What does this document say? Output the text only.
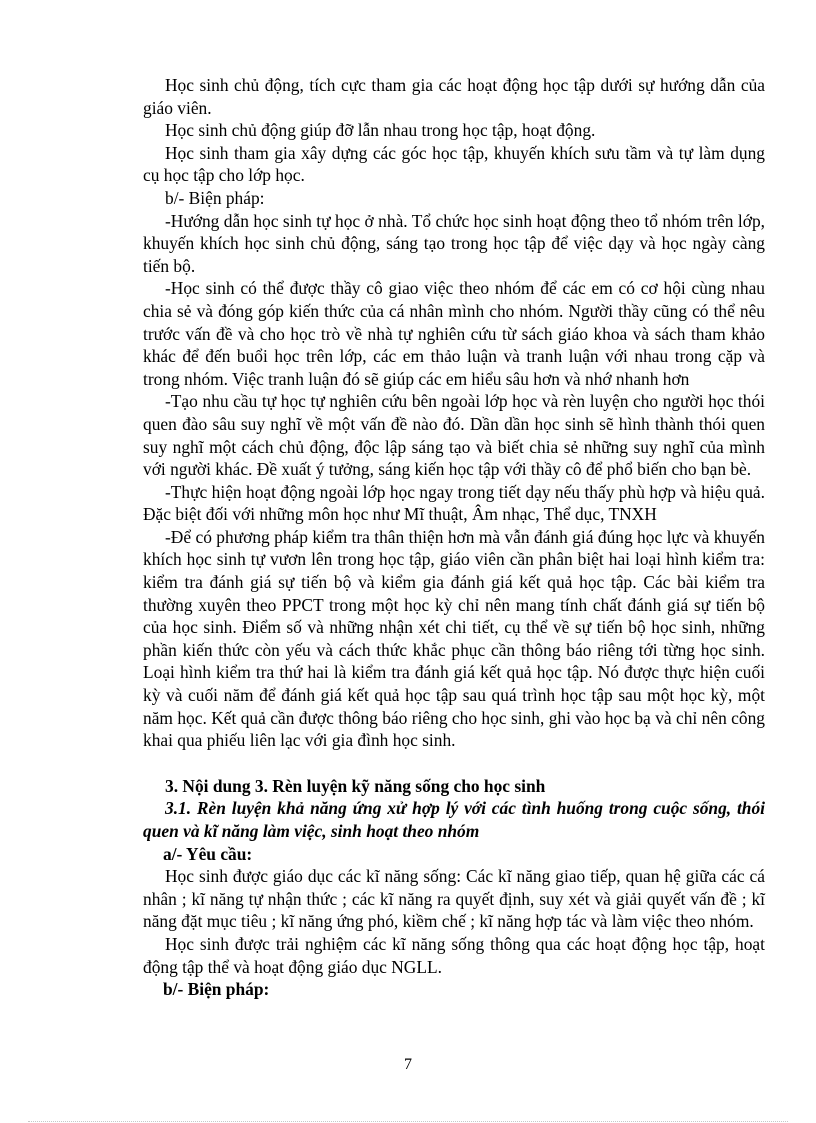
Học sinh chủ động, tích cực tham gia các hoạt động học tập dưới sự hướng dẫn của giáo viên.

Học sinh chủ động giúp đỡ lẫn nhau trong học tập, hoạt động.

Học sinh tham gia xây dựng các góc học tập, khuyến khích sưu tầm và tự làm dụng cụ học tập cho lớp học.

b/- Biện pháp:

-Hướng dẫn học sinh tự học ở nhà. Tổ chức học sinh hoạt động theo tổ nhóm trên lớp, khuyến khích học sinh chủ động, sáng tạo trong học tập để việc dạy và học ngày càng tiến bộ.

-Học sinh có thể được thầy cô giao việc theo nhóm để các em có cơ hội cùng nhau chia sẻ và đóng góp kiến thức của cá nhân mình cho nhóm. Người thầy cũng có thể nêu trước vấn đề và cho học trò về nhà tự nghiên cứu từ sách giáo khoa và sách tham khảo khác để đến buổi học trên lớp, các em thảo luận và tranh luận với nhau trong cặp và trong nhóm. Việc tranh luận đó sẽ giúp các em hiểu sâu hơn và nhớ nhanh hơn

-Tạo nhu cầu tự học tự nghiên cứu bên ngoài lớp học và rèn luyện cho người học thói quen đào sâu suy nghĩ về một vấn đề nào đó. Dần dần học sinh sẽ hình thành thói quen suy nghĩ một cách chủ động, độc lập sáng tạo và biết chia sẻ những suy nghĩ của mình với người khác. Đề xuất ý tưởng, sáng kiến học tập với thầy cô để phổ biến cho bạn bè.

-Thực hiện hoạt động ngoài lớp học ngay trong tiết dạy nếu thấy phù hợp và hiệu quả. Đặc biệt đối với những môn học như Mĩ thuật, Âm nhạc, Thể dục, TNXH

-Để có phương pháp kiểm tra thân thiện hơn mà vẫn đánh giá đúng học lực và khuyến khích học sinh tự vươn lên trong học tập, giáo viên cần phân biệt hai loại hình kiểm tra: kiểm tra đánh giá sự tiến bộ và kiểm gia đánh giá kết quả học tập. Các bài kiểm tra thường xuyên theo PPCT trong một học kỳ chỉ nên mang tính chất đánh giá sự tiến bộ của học sinh. Điểm số và những nhận xét chi tiết, cụ thể về sự tiến bộ học sinh, những phần kiến thức còn yếu và cách thức khắc phục cần thông báo riêng tới từng học sinh. Loại hình kiểm tra thứ hai là kiểm tra đánh giá kết quả học tập. Nó được thực hiện cuối kỳ và cuối năm để đánh giá kết quả học tập sau quá trình học tập sau một học kỳ, một năm học. Kết quả cần được thông báo riêng cho học sinh, ghi vào học bạ và chỉ nên công khai qua phiếu liên lạc với gia đình học sinh.

3. Nội dung 3. Rèn luyện kỹ năng sống cho học sinh

3.1. Rèn luyện khả năng ứng xử hợp lý với các tình huống trong cuộc sống, thói quen và kĩ năng làm việc, sinh hoạt theo nhóm

a/- Yêu cầu:

Học sinh được giáo dục các kĩ năng sống: Các kĩ năng giao tiếp, quan hệ giữa các cá nhân ; kĩ năng tự nhận thức ; các kĩ năng ra quyết định, suy xét và giải quyết vấn đề ; kĩ năng đặt mục tiêu ; kĩ năng ứng phó, kiềm chế ; kĩ năng hợp tác và làm việc theo nhóm.

Học sinh được trải nghiệm các kĩ năng sống thông qua các hoạt động học tập, hoạt động tập thể và hoạt động giáo dục NGLL.

b/- Biện pháp:

7
